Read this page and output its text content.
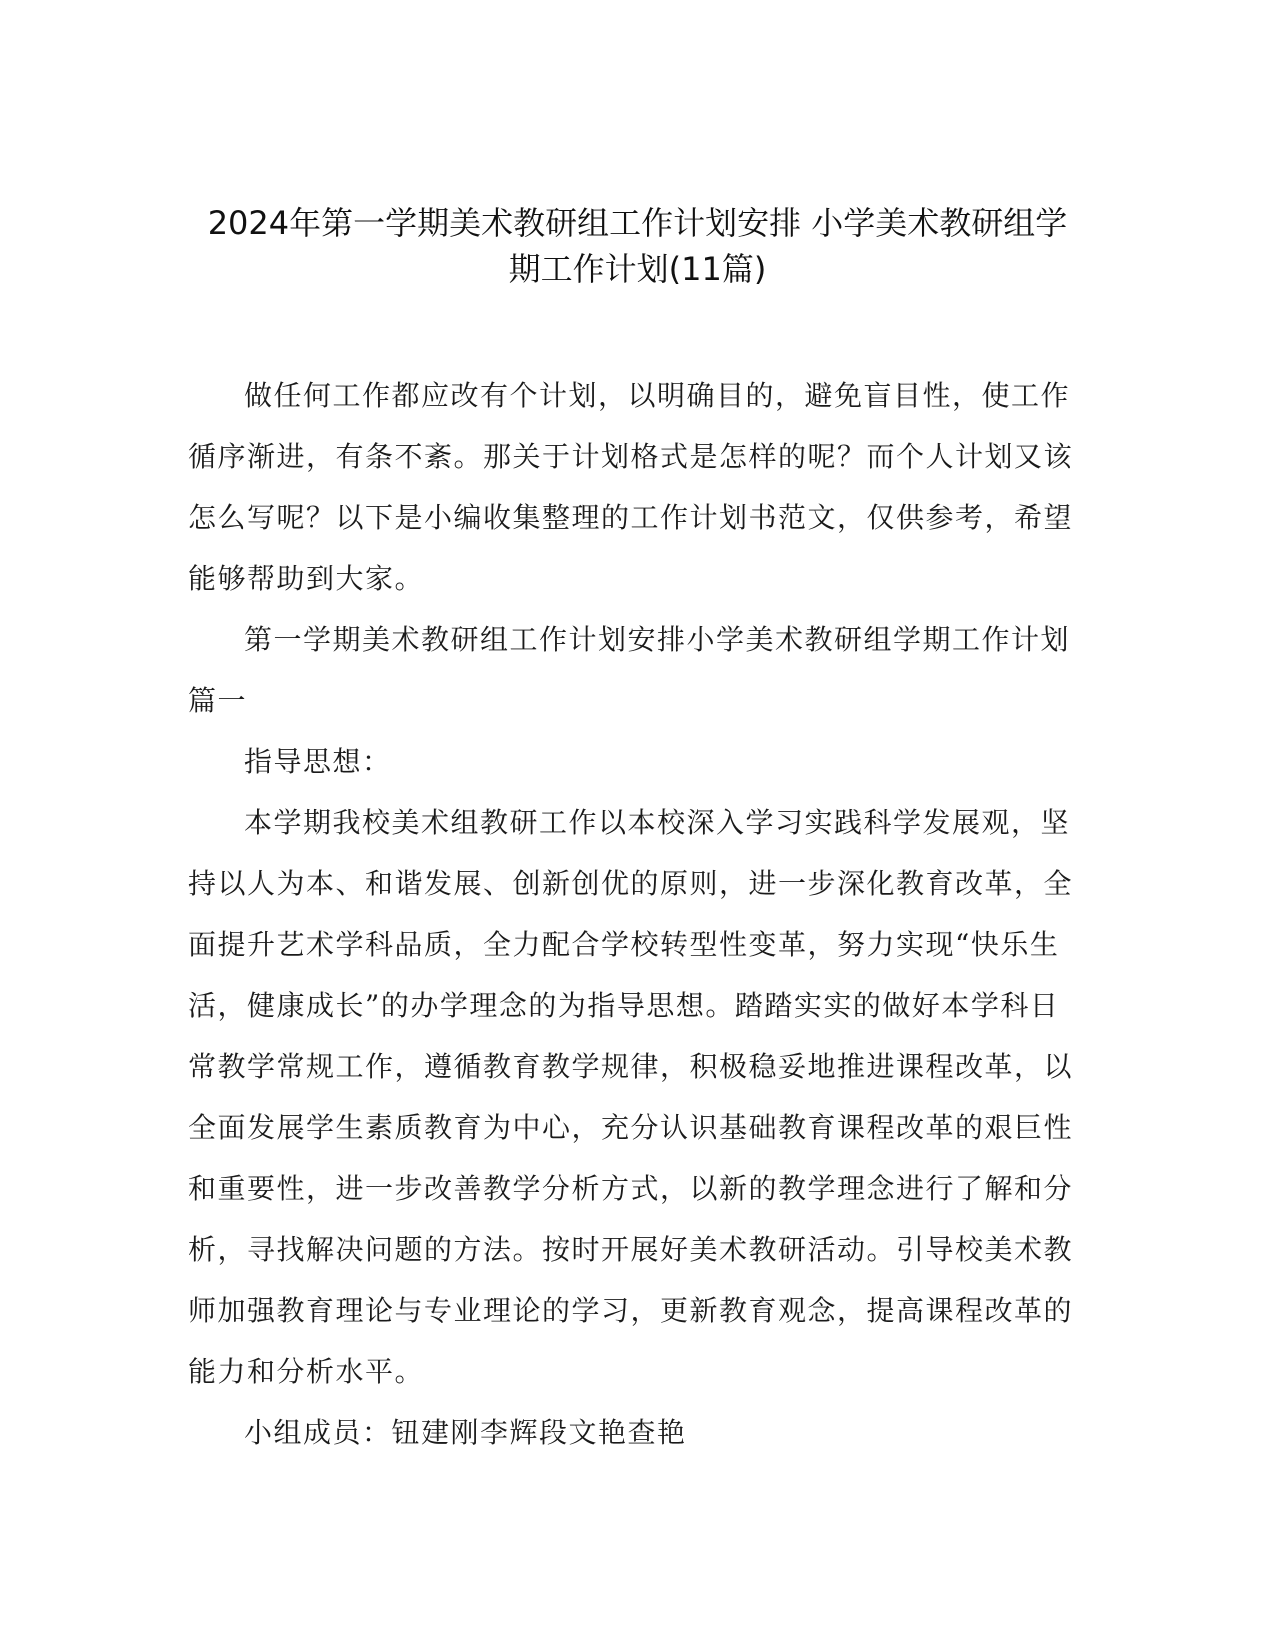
2024年第一学期美术教研组工作计划安排 小学美术教研组学
期工作计划(11篇)

做任何工作都应改有个计划，以明确目的，避免盲目性，使工作循序渐进，有条不紊。那关于计划格式是怎样的呢？而个人计划又该怎么写呢？以下是小编收集整理的工作计划书范文，仅供参考，希望能够帮助到大家。

第一学期美术教研组工作计划安排小学美术教研组学期工作计划篇一

指导思想：

本学期我校美术组教研工作以本校深入学习实践科学发展观，坚持以人为本、和谐发展、创新创优的原则，进一步深化教育改革，全面提升艺术学科品质，全力配合学校转型性变革，努力实现“快乐生活，健康成长”的办学理念的为指导思想。踏踏实实的做好本学科日常教学常规工作，遵循教育教学规律，积极稳妥地推进课程改革，以全面发展学生素质教育为中心，充分认识基础教育课程改革的艰巨性和重要性，进一步改善教学分析方式，以新的教学理念进行了解和分析，寻找解决问题的方法。按时开展好美术教研活动。引导校美术教师加强教育理论与专业理论的学习，更新教育观念，提高课程改革的能力和分析水平。

小组成员：钮建刚李辉段文艳查艳
